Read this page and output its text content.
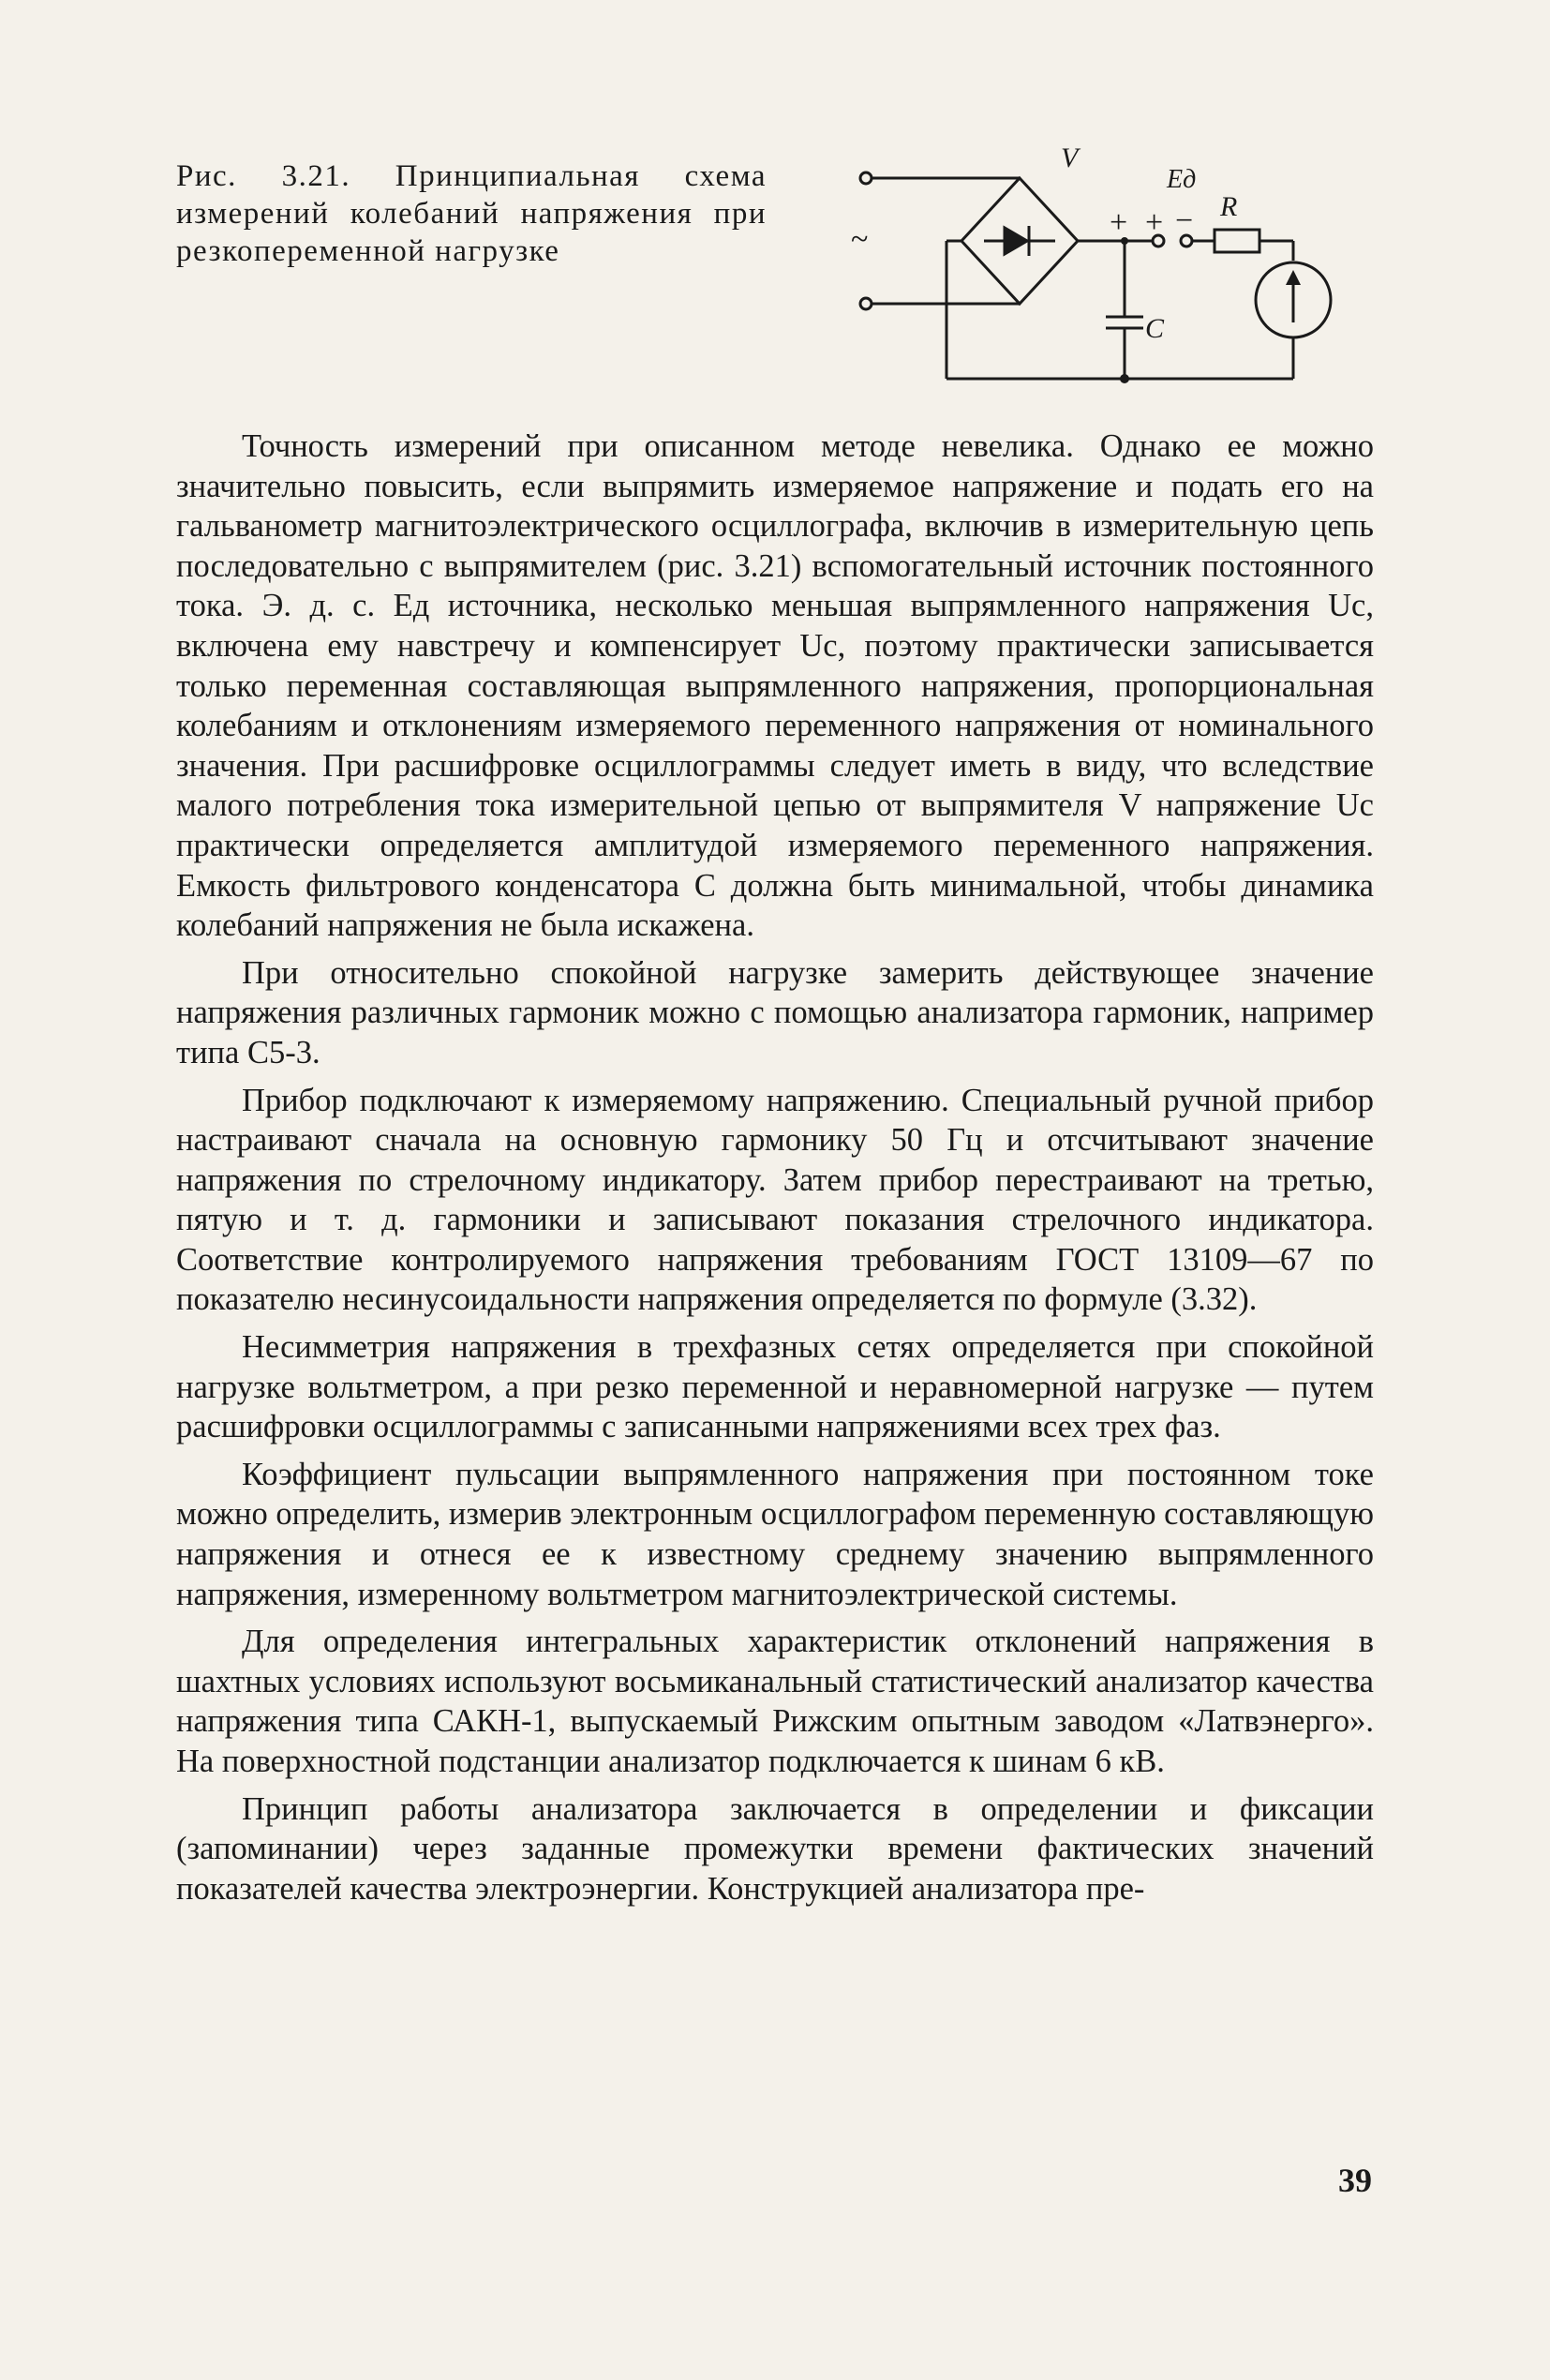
Рис. 3.21. Принципиальная схема измерений колебаний напряжения при резкопеременной нагрузке
V
Eд
R
C
~	+ + −

Точность измерений при описанном методе невелика. Однако ее можно значительно повысить, если выпрямить измеряемое напряжение и подать его на гальванометр магнитоэлектрического осциллографа, включив в измерительную цепь последовательно с выпрямителем (рис. 3.21) вспомогательный источник постоянного тока. Э. д. с. Eд источника, несколько меньшая выпрямленного напряжения Uс, включена ему навстречу и компенсирует Uс, поэтому практически записывается только переменная составляющая выпрямленного напряжения, пропорциональная колебаниям и отклонениям измеряемого переменного напряжения от номинального значения. При расшифровке осциллограммы следует иметь в виду, что вследствие малого потребления тока измерительной цепью от выпрямителя V напряжение Uс практически определяется амплитудой измеряемого переменного напряжения. Емкость фильтрового конденсатора C должна быть минимальной, чтобы динамика колебаний напряжения не была искажена.

При относительно спокойной нагрузке замерить действующее значение напряжения различных гармоник можно с помощью анализатора гармоник, например типа С5-3.

Прибор подключают к измеряемому напряжению. Специальный ручной прибор настраивают сначала на основную гармонику 50 Гц и отсчитывают значение напряжения по стрелочному индикатору. Затем прибор перестраивают на третью, пятую и т. д. гармоники и записывают показания стрелочного индикатора. Соответствие контролируемого напряжения требованиям ГОСТ 13109—67 по показателю несинусоидальности напряжения определяется по формуле (3.32).

Несимметрия напряжения в трехфазных сетях определяется при спокойной нагрузке вольтметром, а при резко переменной и неравномерной нагрузке — путем расшифровки осциллограммы с записанными напряжениями всех трех фаз.

Коэффициент пульсации выпрямленного напряжения при постоянном токе можно определить, измерив электронным осциллографом переменную составляющую напряжения и отнеся ее к известному среднему значению выпрямленного напряжения, измеренному вольтметром магнитоэлектрической системы.

Для определения интегральных характеристик отклонений напряжения в шахтных условиях используют восьмиканальный статистический анализатор качества напряжения типа САКН-1, выпускаемый Рижским опытным заводом «Латвэнерго». На поверхностной подстанции анализатор подключается к шинам 6 кВ.

Принцип работы анализатора заключается в определении и фиксации (запоминании) через заданные промежутки времени фактических значений показателей качества электроэнергии. Конструкцией анализатора пре-

39
